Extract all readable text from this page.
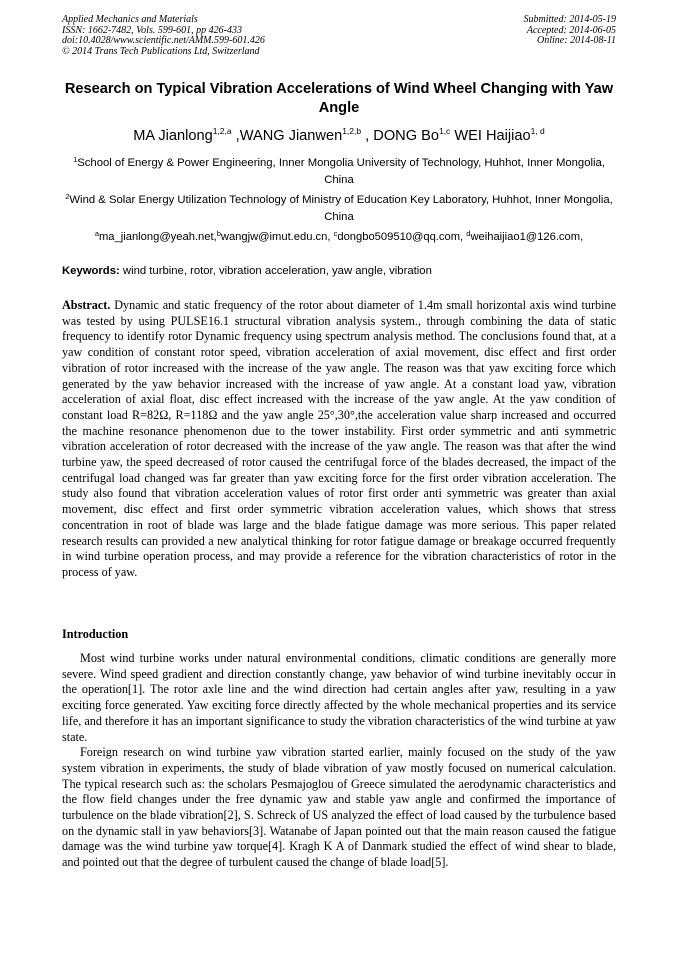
Applied Mechanics and Materials
ISSN: 1662-7482, Vols. 599-601, pp 426-433
doi:10.4028/www.scientific.net/AMM.599-601.426
© 2014 Trans Tech Publications Ltd, Switzerland
Submitted: 2014-05-19
Accepted: 2014-06-05
Online: 2014-08-11
Research on Typical Vibration Accelerations of Wind Wheel Changing with Yaw Angle
MA Jianlong$^{1,2,a}$ ,WANG Jianwen$^{1,2,b}$ , DONG Bo$^{1,c}$ WEI Haijiao$^{1, d}$
$^1$School of Energy & Power Engineering, Inner Mongolia University of Technology, Huhhot, Inner Mongolia, China
$^2$Wind & Solar Energy Utilization Technology of Ministry of Education Key Laboratory, Huhhot, Inner Mongolia, China
$^a$ma_jianlong@yeah.net,$^b$wangjw@imut.edu.cn, $^c$dongbo509510@qq.com, $^d$weihaijiao1@126.com,
Keywords: wind turbine, rotor, vibration acceleration, yaw angle, vibration
Abstract. Dynamic and static frequency of the rotor about diameter of 1.4m small horizontal axis wind turbine was tested by using PULSE16.1 structural vibration analysis system., through combining the data of static frequency to identify rotor Dynamic frequency using spectrum analysis method. The conclusions found that, at a yaw condition of constant rotor speed, vibration acceleration of axial movement, disc effect and first order vibration of rotor increased with the increase of the yaw angle. The reason was that yaw exciting force which generated by the yaw behavior increased with the increase of yaw angle. At a constant load yaw, vibration acceleration of axial float, disc effect increased with the increase of the yaw angle. At the yaw condition of constant load R=82Ω, R=118Ω and the yaw angle 25°,30°,the acceleration value sharp increased and occurred the machine resonance phenomenon due to the tower instability. First order symmetric and anti symmetric vibration acceleration of rotor decreased with the increase of the yaw angle. The reason was that after the wind turbine yaw, the speed decreased of rotor caused the centrifugal force of the blades decreased, the impact of the centrifugal load changed was far greater than yaw exciting force for the first order vibration acceleration. The study also found that vibration acceleration values of rotor first order anti symmetric was greater than axial movement, disc effect and first order symmetric vibration acceleration values, which shows that stress concentration in root of blade was large and the blade fatigue damage was more serious. This paper related research results can provided a new analytical thinking for rotor fatigue damage or breakage occurred frequently in wind turbine operation process, and may provide a reference for the vibration characteristics of rotor in the process of yaw.
Introduction

Most wind turbine works under natural environmental conditions, climatic conditions are generally more severe. Wind speed gradient and direction constantly change, yaw behavior of wind turbine inevitably occur in the operation[1]. The rotor axle line and the wind direction had certain angles after yaw, resulting in a yaw exciting force generated. Yaw exciting force directly affected by the whole mechanical properties and its service life, and therefore it has an important significance to study the vibration characteristics of the wind turbine at yaw state.

Foreign research on wind turbine yaw vibration started earlier, mainly focused on the study of the yaw system vibration in experiments, the study of blade vibration of yaw mostly focused on numerical calculation. The typical research such as: the scholars Pesmajoglou of Greece simulated the aerodynamic characteristics and the flow field changes under the free dynamic yaw and stable yaw angle and confirmed the importance of turbulence on the blade vibration[2], S. Schreck of US analyzed the effect of load caused by the turbulence based on the dynamic stall in yaw behaviors[3]. Watanabe of Japan pointed out that the main reason caused the fatigue damage was the wind turbine yaw torque[4]. Kragh K A of Danmark studied the effect of wind shear to blade, and pointed out that the degree of turbulent caused the change of blade load[5].
